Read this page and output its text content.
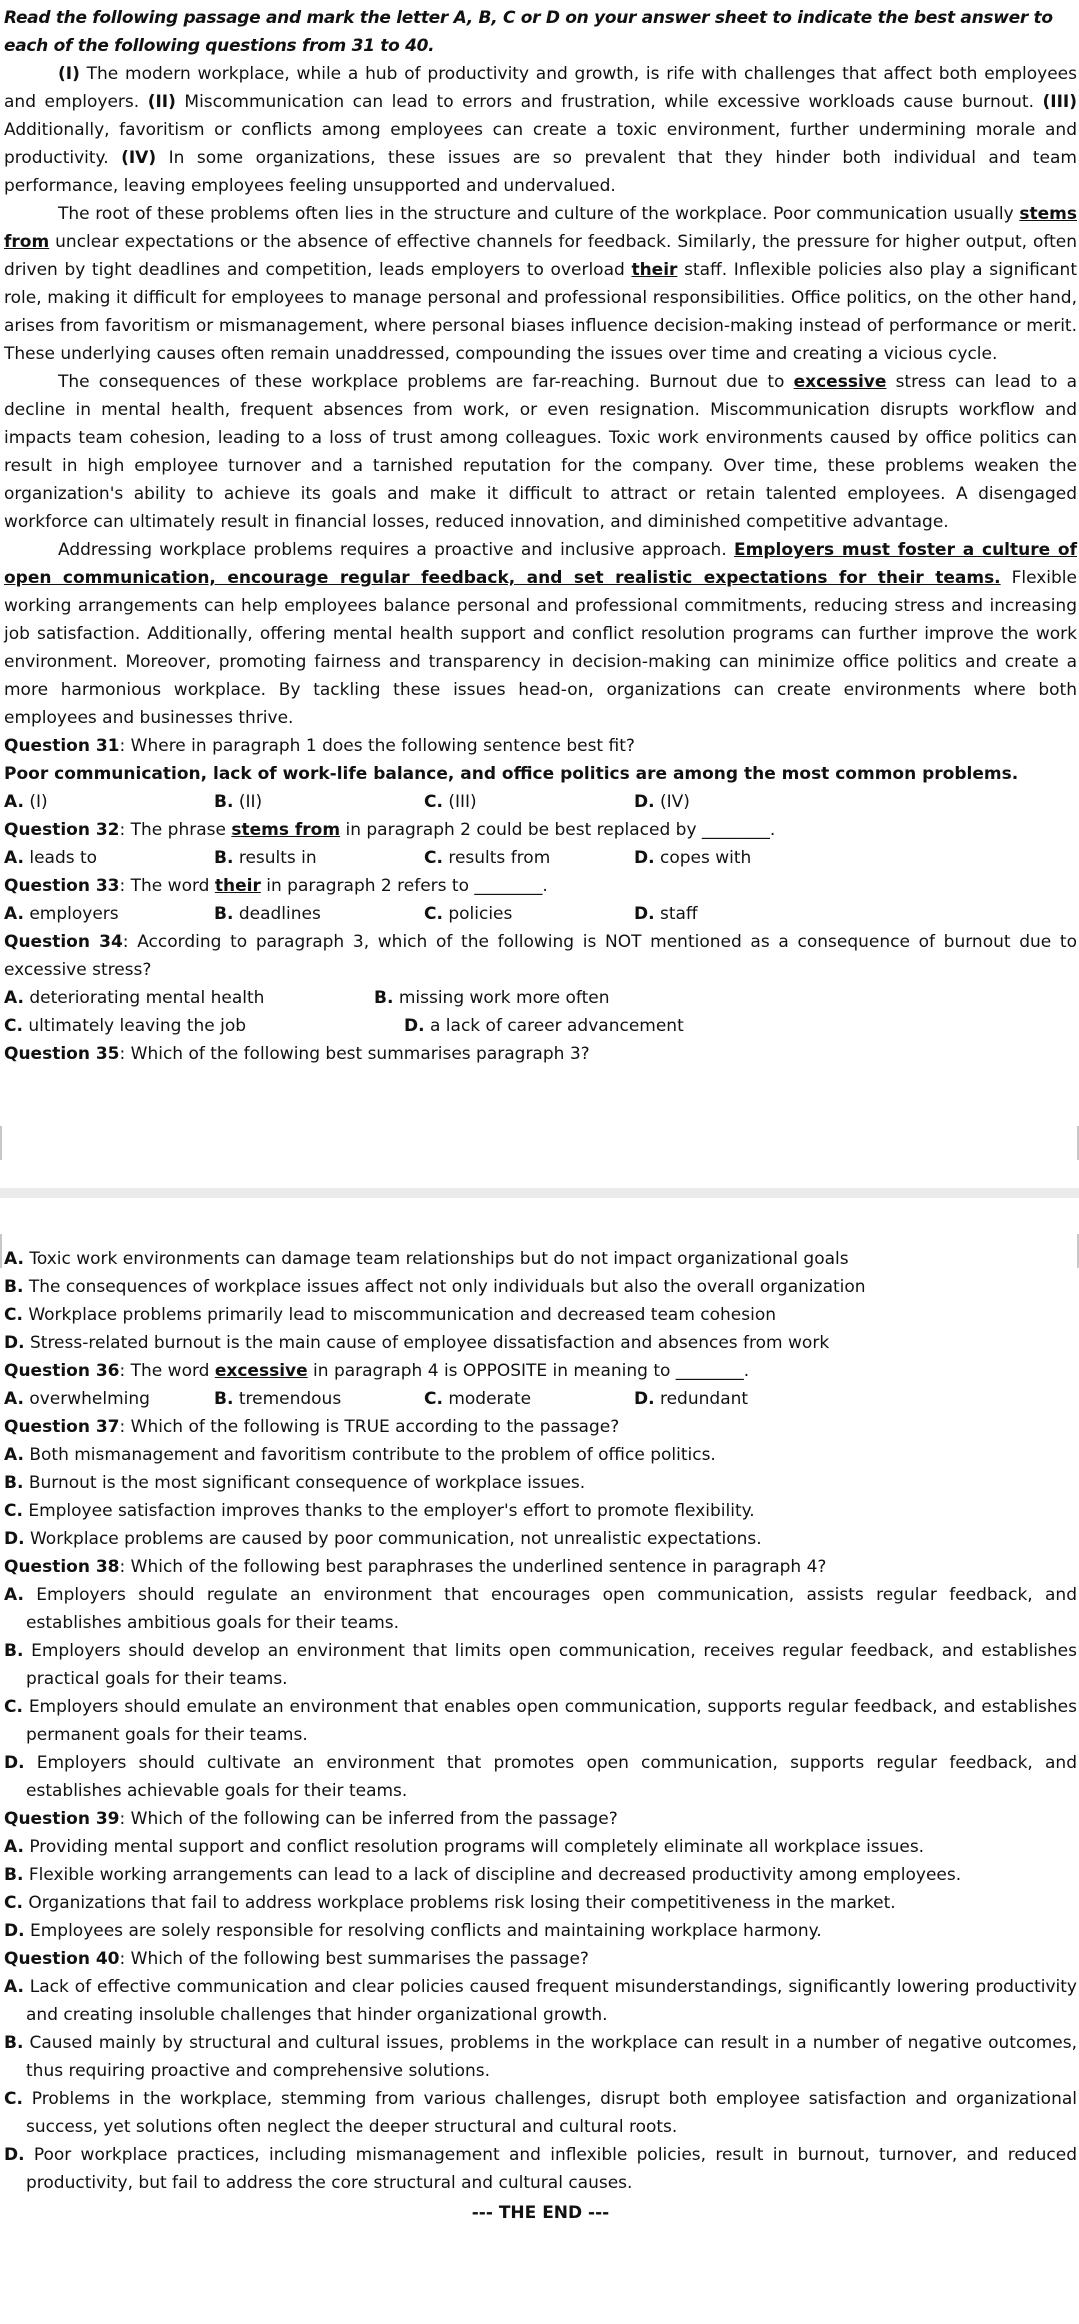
Read the following passage and mark the letter A, B, C or D on your answer sheet to indicate the best answer to each of the following questions from 31 to 40.

(I) The modern workplace, while a hub of productivity and growth, is rife with challenges that affect both employees and employers. (II) Miscommunication can lead to errors and frustration, while excessive workloads cause burnout. (III) Additionally, favoritism or conflicts among employees can create a toxic environment, further undermining morale and productivity. (IV) In some organizations, these issues are so prevalent that they hinder both individual and team performance, leaving employees feeling unsupported and undervalued.

The root of these problems often lies in the structure and culture of the workplace. Poor communication usually stems from unclear expectations or the absence of effective channels for feedback. Similarly, the pressure for higher output, often driven by tight deadlines and competition, leads employers to overload their staff. Inflexible policies also play a significant role, making it difficult for employees to manage personal and professional responsibilities. Office politics, on the other hand, arises from favoritism or mismanagement, where personal biases influence decision-making instead of performance or merit. These underlying causes often remain unaddressed, compounding the issues over time and creating a vicious cycle.

The consequences of these workplace problems are far-reaching. Burnout due to excessive stress can lead to a decline in mental health, frequent absences from work, or even resignation. Miscommunication disrupts workflow and impacts team cohesion, leading to a loss of trust among colleagues. Toxic work environments caused by office politics can result in high employee turnover and a tarnished reputation for the company. Over time, these problems weaken the organization's ability to achieve its goals and make it difficult to attract or retain talented employees. A disengaged workforce can ultimately result in financial losses, reduced innovation, and diminished competitive advantage.

Addressing workplace problems requires a proactive and inclusive approach. Employers must foster a culture of open communication, encourage regular feedback, and set realistic expectations for their teams. Flexible working arrangements can help employees balance personal and professional commitments, reducing stress and increasing job satisfaction. Additionally, offering mental health support and conflict resolution programs can further improve the work environment. Moreover, promoting fairness and transparency in decision-making can minimize office politics and create a more harmonious workplace. By tackling these issues head-on, organizations can create environments where both employees and businesses thrive.

Question 31: Where in paragraph 1 does the following sentence best fit?

Poor communication, lack of work-life balance, and office politics are among the most common problems.

A. (I)	B. (II)	C. (III)	D. (IV)

Question 32: The phrase stems from in paragraph 2 could be best replaced by ________.

A. leads to	B. results in	C. results from	D. copes with

Question 33: The word their in paragraph 2 refers to ________.

A. employers	B. deadlines	C. policies	D. staff

Question 34: According to paragraph 3, which of the following is NOT mentioned as a consequence of burnout due to excessive stress?

A. deteriorating mental health	B. missing work more often
C. ultimately leaving the job	D. a lack of career advancement

Question 35: Which of the following best summarises paragraph 3?

A. Toxic work environments can damage team relationships but do not impact organizational goals

B. The consequences of workplace issues affect not only individuals but also the overall organization

C. Workplace problems primarily lead to miscommunication and decreased team cohesion

D. Stress-related burnout is the main cause of employee dissatisfaction and absences from work

Question 36: The word excessive in paragraph 4 is OPPOSITE in meaning to ________.

A. overwhelming	B. tremendous	C. moderate	D. redundant

Question 37: Which of the following is TRUE according to the passage?

A. Both mismanagement and favoritism contribute to the problem of office politics.

B. Burnout is the most significant consequence of workplace issues.

C. Employee satisfaction improves thanks to the employer's effort to promote flexibility.

D. Workplace problems are caused by poor communication, not unrealistic expectations.

Question 38: Which of the following best paraphrases the underlined sentence in paragraph 4?

A. Employers should regulate an environment that encourages open communication, assists regular feedback, and establishes ambitious goals for their teams.

B. Employers should develop an environment that limits open communication, receives regular feedback, and establishes practical goals for their teams.

C. Employers should emulate an environment that enables open communication, supports regular feedback, and establishes permanent goals for their teams.

D. Employers should cultivate an environment that promotes open communication, supports regular feedback, and establishes achievable goals for their teams.

Question 39: Which of the following can be inferred from the passage?

A. Providing mental support and conflict resolution programs will completely eliminate all workplace issues.

B. Flexible working arrangements can lead to a lack of discipline and decreased productivity among employees.

C. Organizations that fail to address workplace problems risk losing their competitiveness in the market.

D. Employees are solely responsible for resolving conflicts and maintaining workplace harmony.

Question 40: Which of the following best summarises the passage?

A. Lack of effective communication and clear policies caused frequent misunderstandings, significantly lowering productivity and creating insoluble challenges that hinder organizational growth.

B. Caused mainly by structural and cultural issues, problems in the workplace can result in a number of negative outcomes, thus requiring proactive and comprehensive solutions.

C. Problems in the workplace, stemming from various challenges, disrupt both employee satisfaction and organizational success, yet solutions often neglect the deeper structural and cultural roots.

D. Poor workplace practices, including mismanagement and inflexible policies, result in burnout, turnover, and reduced productivity, but fail to address the core structural and cultural causes.

--- THE END ---
